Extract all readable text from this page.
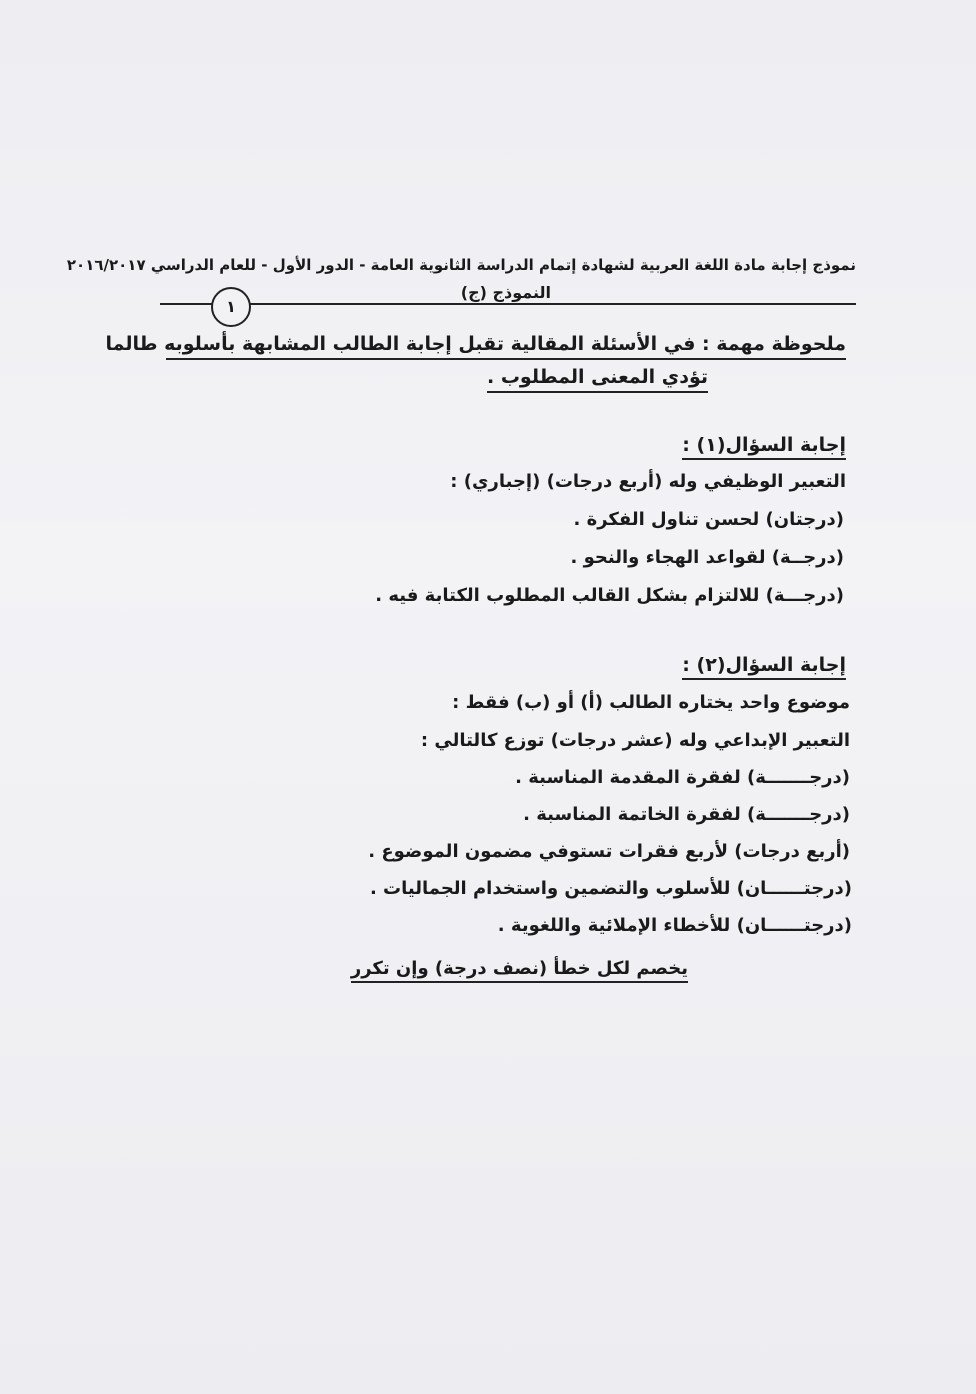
نموذج إجابة مادة اللغة العربية لشهادة إتمام الدراسة الثانوية العامة - الدور الأول - للعام الدراسي ٢٠١٦/٢٠١٧
النموذج (ج)
١
ملحوظة مهمة : في الأسئلة المقالية تقبل إجابة الطالب المشابهة بأسلوبه طالما
تؤدي المعنى المطلوب .
إجابة السؤال(١) :
التعبير الوظيفي وله (أربع درجات) (إجباري) :
(درجتان) لحسن تناول الفكرة .
(درجــة) لقواعد الهجاء والنحو .
(درجـــة) للالتزام بشكل القالب المطلوب الكتابة فيه .
إجابة السؤال(٢) :
موضوع واحد يختاره الطالب (أ) أو (ب) فقط :
التعبير الإبداعي وله (عشر درجات) توزع كالتالي :
(درجـــــــة) لفقرة المقدمة المناسبة .
(درجـــــــة) لفقرة الخاتمة المناسبة .
(أربع درجات) لأربع فقرات تستوفي مضمون الموضوع .
(درجتــــــان) للأسلوب والتضمين واستخدام الجماليات .
(درجتــــــان) للأخطاء الإملائية واللغوية .
يخصم لكل خطأ (نصف درجة) وإن تكرر
